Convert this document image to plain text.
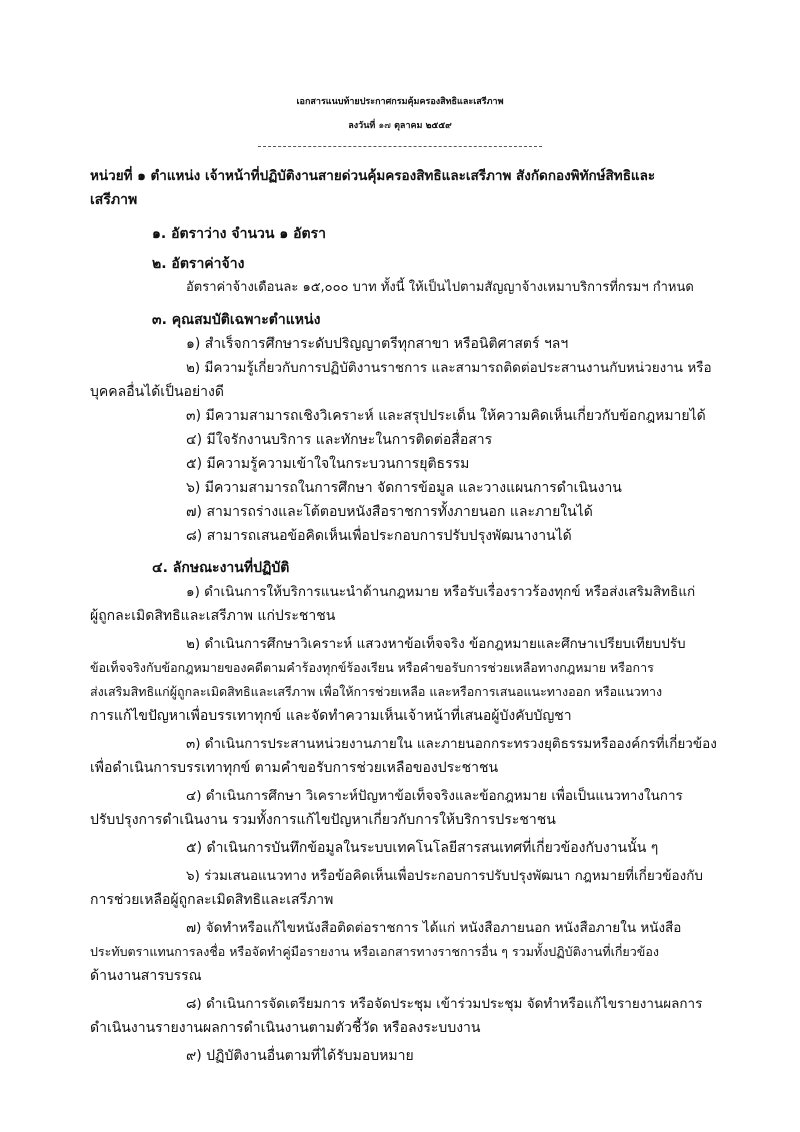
เอกสารแนบท้ายประกาศกรมคุ้มครองสิทธิและเสรีภาพ
ลงวันที่ ๑๗ ตุลาคม ๒๕๕๙
หน่วยที่ ๑ ตำแหน่ง เจ้าหน้าที่ปฏิบัติงานสายด่วนคุ้มครองสิทธิและเสรีภาพ สังกัดกองพิทักษ์สิทธิและ
เสรีภาพ
๑. อัตราว่าง จำนวน ๑ อัตรา
๒. อัตราค่าจ้าง
อัตราค่าจ้างเดือนละ ๑๕,๐๐๐ บาท ทั้งนี้ ให้เป็นไปตามสัญญาจ้างเหมาบริการที่กรมฯ กำหนด
๓. คุณสมบัติเฉพาะตำแหน่ง
๑) สำเร็จการศึกษาระดับปริญญาตรีทุกสาขา หรือนิติศาสตร์ ฯลฯ
๒) มีความรู้เกี่ยวกับการปฏิบัติงานราชการ และสามารถติดต่อประสานงานกับหน่วยงาน หรือ
บุคคลอื่นได้เป็นอย่างดี
๓) มีความสามารถเชิงวิเคราะห์ และสรุปประเด็น ให้ความคิดเห็นเกี่ยวกับข้อกฎหมายได้
๔) มีใจรักงานบริการ และทักษะในการติดต่อสื่อสาร
๕) มีความรู้ความเข้าใจในกระบวนการยุติธรรม
๖) มีความสามารถในการศึกษา จัดการข้อมูล และวางแผนการดำเนินงาน
๗) สามารถร่างและโต้ตอบหนังสือราชการทั้งภายนอก และภายในได้
๘) สามารถเสนอข้อคิดเห็นเพื่อประกอบการปรับปรุงพัฒนางานได้
๔. ลักษณะงานที่ปฏิบัติ
๑) ดำเนินการให้บริการแนะนำด้านกฎหมาย หรือรับเรื่องราวร้องทุกข์ หรือส่งเสริมสิทธิแก่
ผู้ถูกละเมิดสิทธิและเสรีภาพ แก่ประชาชน
๒) ดำเนินการศึกษาวิเคราะห์ แสวงหาข้อเท็จจริง ข้อกฎหมายและศึกษาเปรียบเทียบปรับ
ข้อเท็จจริงกับข้อกฎหมายของคดีตามคำร้องทุกข์ร้องเรียน หรือคำขอรับการช่วยเหลือทางกฎหมาย หรือการ
ส่งเสริมสิทธิแก่ผู้ถูกละเมิดสิทธิและเสรีภาพ เพื่อให้การช่วยเหลือ และหรือการเสนอแนะทางออก หรือแนวทาง
การแก้ไขปัญหาเพื่อบรรเทาทุกข์ และจัดทำความเห็นเจ้าหน้าที่เสนอผู้บังคับบัญชา
๓) ดำเนินการประสานหน่วยงานภายใน และภายนอกกระทรวงยุติธรรมหรือองค์กรที่เกี่ยวข้อง
เพื่อดำเนินการบรรเทาทุกข์ ตามคำขอรับการช่วยเหลือของประชาชน
๔) ดำเนินการศึกษา วิเคราะห์ปัญหาข้อเท็จจริงและข้อกฎหมาย เพื่อเป็นแนวทางในการ
ปรับปรุงการดำเนินงาน รวมทั้งการแก้ไขปัญหาเกี่ยวกับการให้บริการประชาชน
๕) ดำเนินการบันทึกข้อมูลในระบบเทคโนโลยีสารสนเทศที่เกี่ยวข้องกับงานนั้น ๆ
๖) ร่วมเสนอแนวทาง หรือข้อคิดเห็นเพื่อประกอบการปรับปรุงพัฒนา กฎหมายที่เกี่ยวข้องกับ
การช่วยเหลือผู้ถูกละเมิดสิทธิและเสรีภาพ
๗) จัดทำหรือแก้ไขหนังสือติดต่อราชการ ได้แก่ หนังสือภายนอก หนังสือภายใน หนังสือ
ประทับตราแทนการลงชื่อ หรือจัดทำคู่มือรายงาน หรือเอกสารทางราชการอื่น ๆ รวมทั้งปฏิบัติงานที่เกี่ยวข้อง
ด้านงานสารบรรณ
๘) ดำเนินการจัดเตรียมการ หรือจัดประชุม เข้าร่วมประชุม จัดทำหรือแก้ไขรายงานผลการ
ดำเนินงานรายงานผลการดำเนินงานตามตัวชี้วัด หรือลงระบบงาน
๙) ปฏิบัติงานอื่นตามที่ได้รับมอบหมาย
